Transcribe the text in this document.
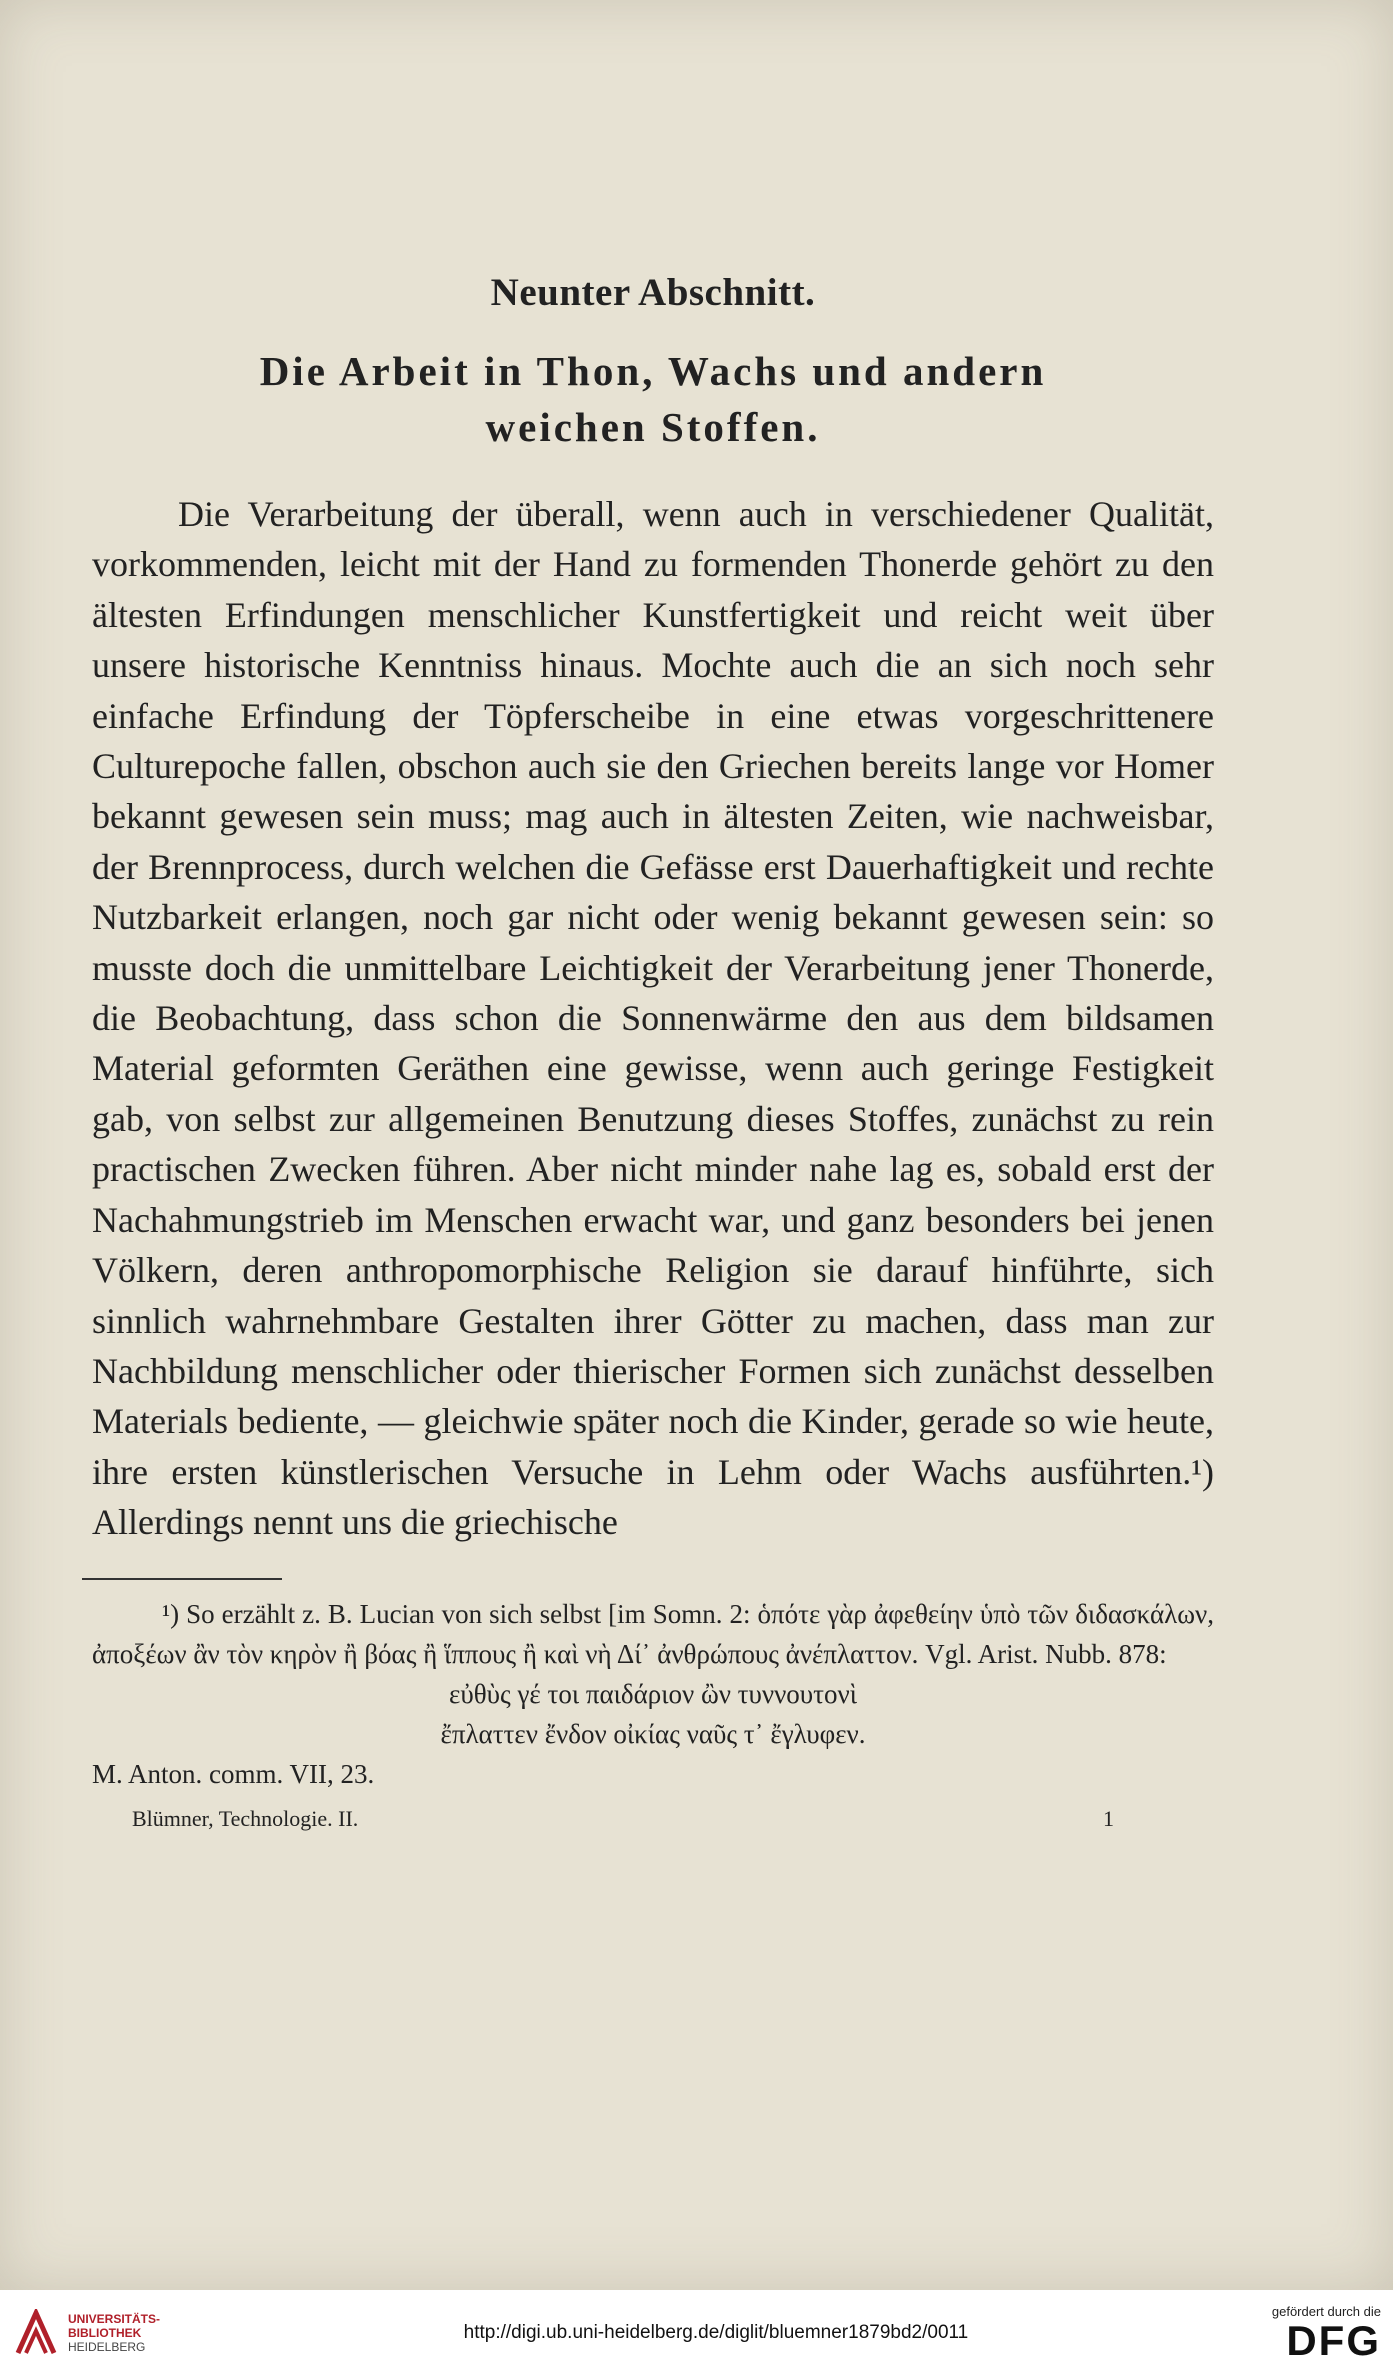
Neunter Abschnitt.
Die Arbeit in Thon, Wachs und andern
weichen Stoffen.

Die Verarbeitung der überall, wenn auch in verschiedener Qualität, vorkommenden, leicht mit der Hand zu formenden Thonerde gehört zu den ältesten Erfindungen menschlicher Kunstfertigkeit und reicht weit über unsere historische Kenntniss hinaus. Mochte auch die an sich noch sehr einfache Erfindung der Töpferscheibe in eine etwas vorgeschrittenere Culturepoche fallen, obschon auch sie den Griechen bereits lange vor Homer bekannt gewesen sein muss; mag auch in ältesten Zeiten, wie nachweisbar, der Brennprocess, durch welchen die Gefässe erst Dauerhaftigkeit und rechte Nutzbarkeit erlangen, noch gar nicht oder wenig bekannt gewesen sein: so musste doch die unmittelbare Leichtigkeit der Verarbeitung jener Thonerde, die Beobachtung, dass schon die Sonnenwärme den aus dem bildsamen Material geformten Geräthen eine gewisse, wenn auch geringe Festigkeit gab, von selbst zur allgemeinen Benutzung dieses Stoffes, zunächst zu rein practischen Zwecken führen. Aber nicht minder nahe lag es, sobald erst der Nachahmungstrieb im Menschen erwacht war, und ganz besonders bei jenen Völkern, deren anthropomorphische Religion sie darauf hinführte, sich sinnlich wahrnehmbare Gestalten ihrer Götter zu machen, dass man zur Nachbildung menschlicher oder thierischer Formen sich zunächst desselben Materials bediente, — gleichwie später noch die Kinder, gerade so wie heute, ihre ersten künstlerischen Versuche in Lehm oder Wachs ausführten.¹) Allerdings nennt uns die griechische

¹) So erzählt z. B. Lucian von sich selbst [im Somn. 2: ὁπότε γὰρ ἀφεθείην ὑπὸ τῶν διδασκάλων, ἀποξέων ἂν τὸν κηρὸν ἢ βόας ἢ ἵππους ἢ καὶ νὴ Δί᾽ ἀνθρώπους ἀνέπλαττον. Vgl. Arist. Nubb. 878:

εὐθὺς γέ τοι παιδάριον ὢν τυννουτονὶ

ἔπλαττεν ἔνδον οἰκίας ναῦς τ᾽ ἔγλυφεν.

M. Anton. comm. VII, 23.

Blümner, Technologie. II.	1
UNIVERSITÄTS-
BIBLIOTHEK
HEIDELBERG
http://digi.ub.uni-heidelberg.de/diglit/bluemner1879bd2/0011
gefördert durch die
DFG
